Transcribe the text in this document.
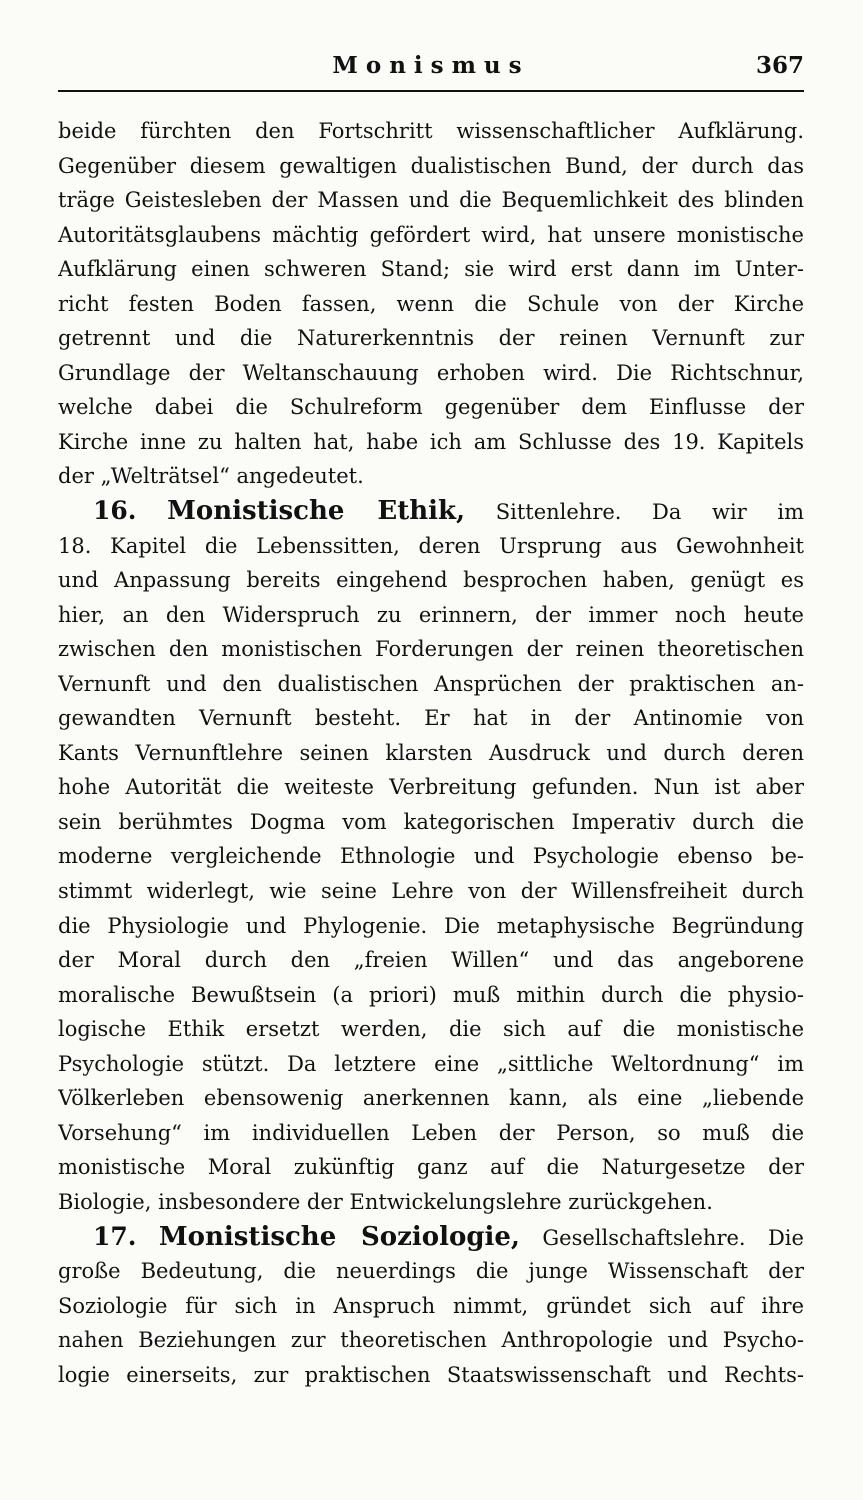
Monismus	367
beide fürchten den Fortschritt wissenschaftlicher Aufklärung.
Gegenüber diesem gewaltigen dualistischen Bund, der durch das
träge Geistesleben der Massen und die Bequemlichkeit des blinden
Autoritätsglaubens mächtig gefördert wird, hat unsere monistische
Aufklärung einen schweren Stand; sie wird erst dann im Unter-
richt festen Boden fassen, wenn die Schule von der Kirche
getrennt und die Naturerkenntnis der reinen Vernunft zur
Grundlage der Weltanschauung erhoben wird. Die Richtschnur,
welche dabei die Schulreform gegenüber dem Einflusse der
Kirche inne zu halten hat, habe ich am Schlusse des 19. Kapitels
der „Welträtsel“ angedeutet.
16. Monistische Ethik, Sittenlehre. Da wir im
18. Kapitel die Lebenssitten, deren Ursprung aus Gewohnheit
und Anpassung bereits eingehend besprochen haben, genügt es
hier, an den Widerspruch zu erinnern, der immer noch heute
zwischen den monistischen Forderungen der reinen theoretischen
Vernunft und den dualistischen Ansprüchen der praktischen an-
gewandten Vernunft besteht. Er hat in der Antinomie von
Kants Vernunftlehre seinen klarsten Ausdruck und durch deren
hohe Autorität die weiteste Verbreitung gefunden. Nun ist aber
sein berühmtes Dogma vom kategorischen Imperativ durch die
moderne vergleichende Ethnologie und Psychologie ebenso be-
stimmt widerlegt, wie seine Lehre von der Willensfreiheit durch
die Physiologie und Phylogenie. Die metaphysische Begründung
der Moral durch den „freien Willen“ und das angeborene
moralische Bewußtsein (a priori) muß mithin durch die physio-
logische Ethik ersetzt werden, die sich auf die monistische
Psychologie stützt. Da letztere eine „sittliche Weltordnung“ im
Völkerleben ebensowenig anerkennen kann, als eine „liebende
Vorsehung“ im individuellen Leben der Person, so muß die
monistische Moral zukünftig ganz auf die Naturgesetze der
Biologie, insbesondere der Entwickelungslehre zurückgehen.
17. Monistische Soziologie, Gesellschaftslehre. Die
große Bedeutung, die neuerdings die junge Wissenschaft der
Soziologie für sich in Anspruch nimmt, gründet sich auf ihre
nahen Beziehungen zur theoretischen Anthropologie und Psycho-
logie einerseits, zur praktischen Staatswissenschaft und Rechts-
